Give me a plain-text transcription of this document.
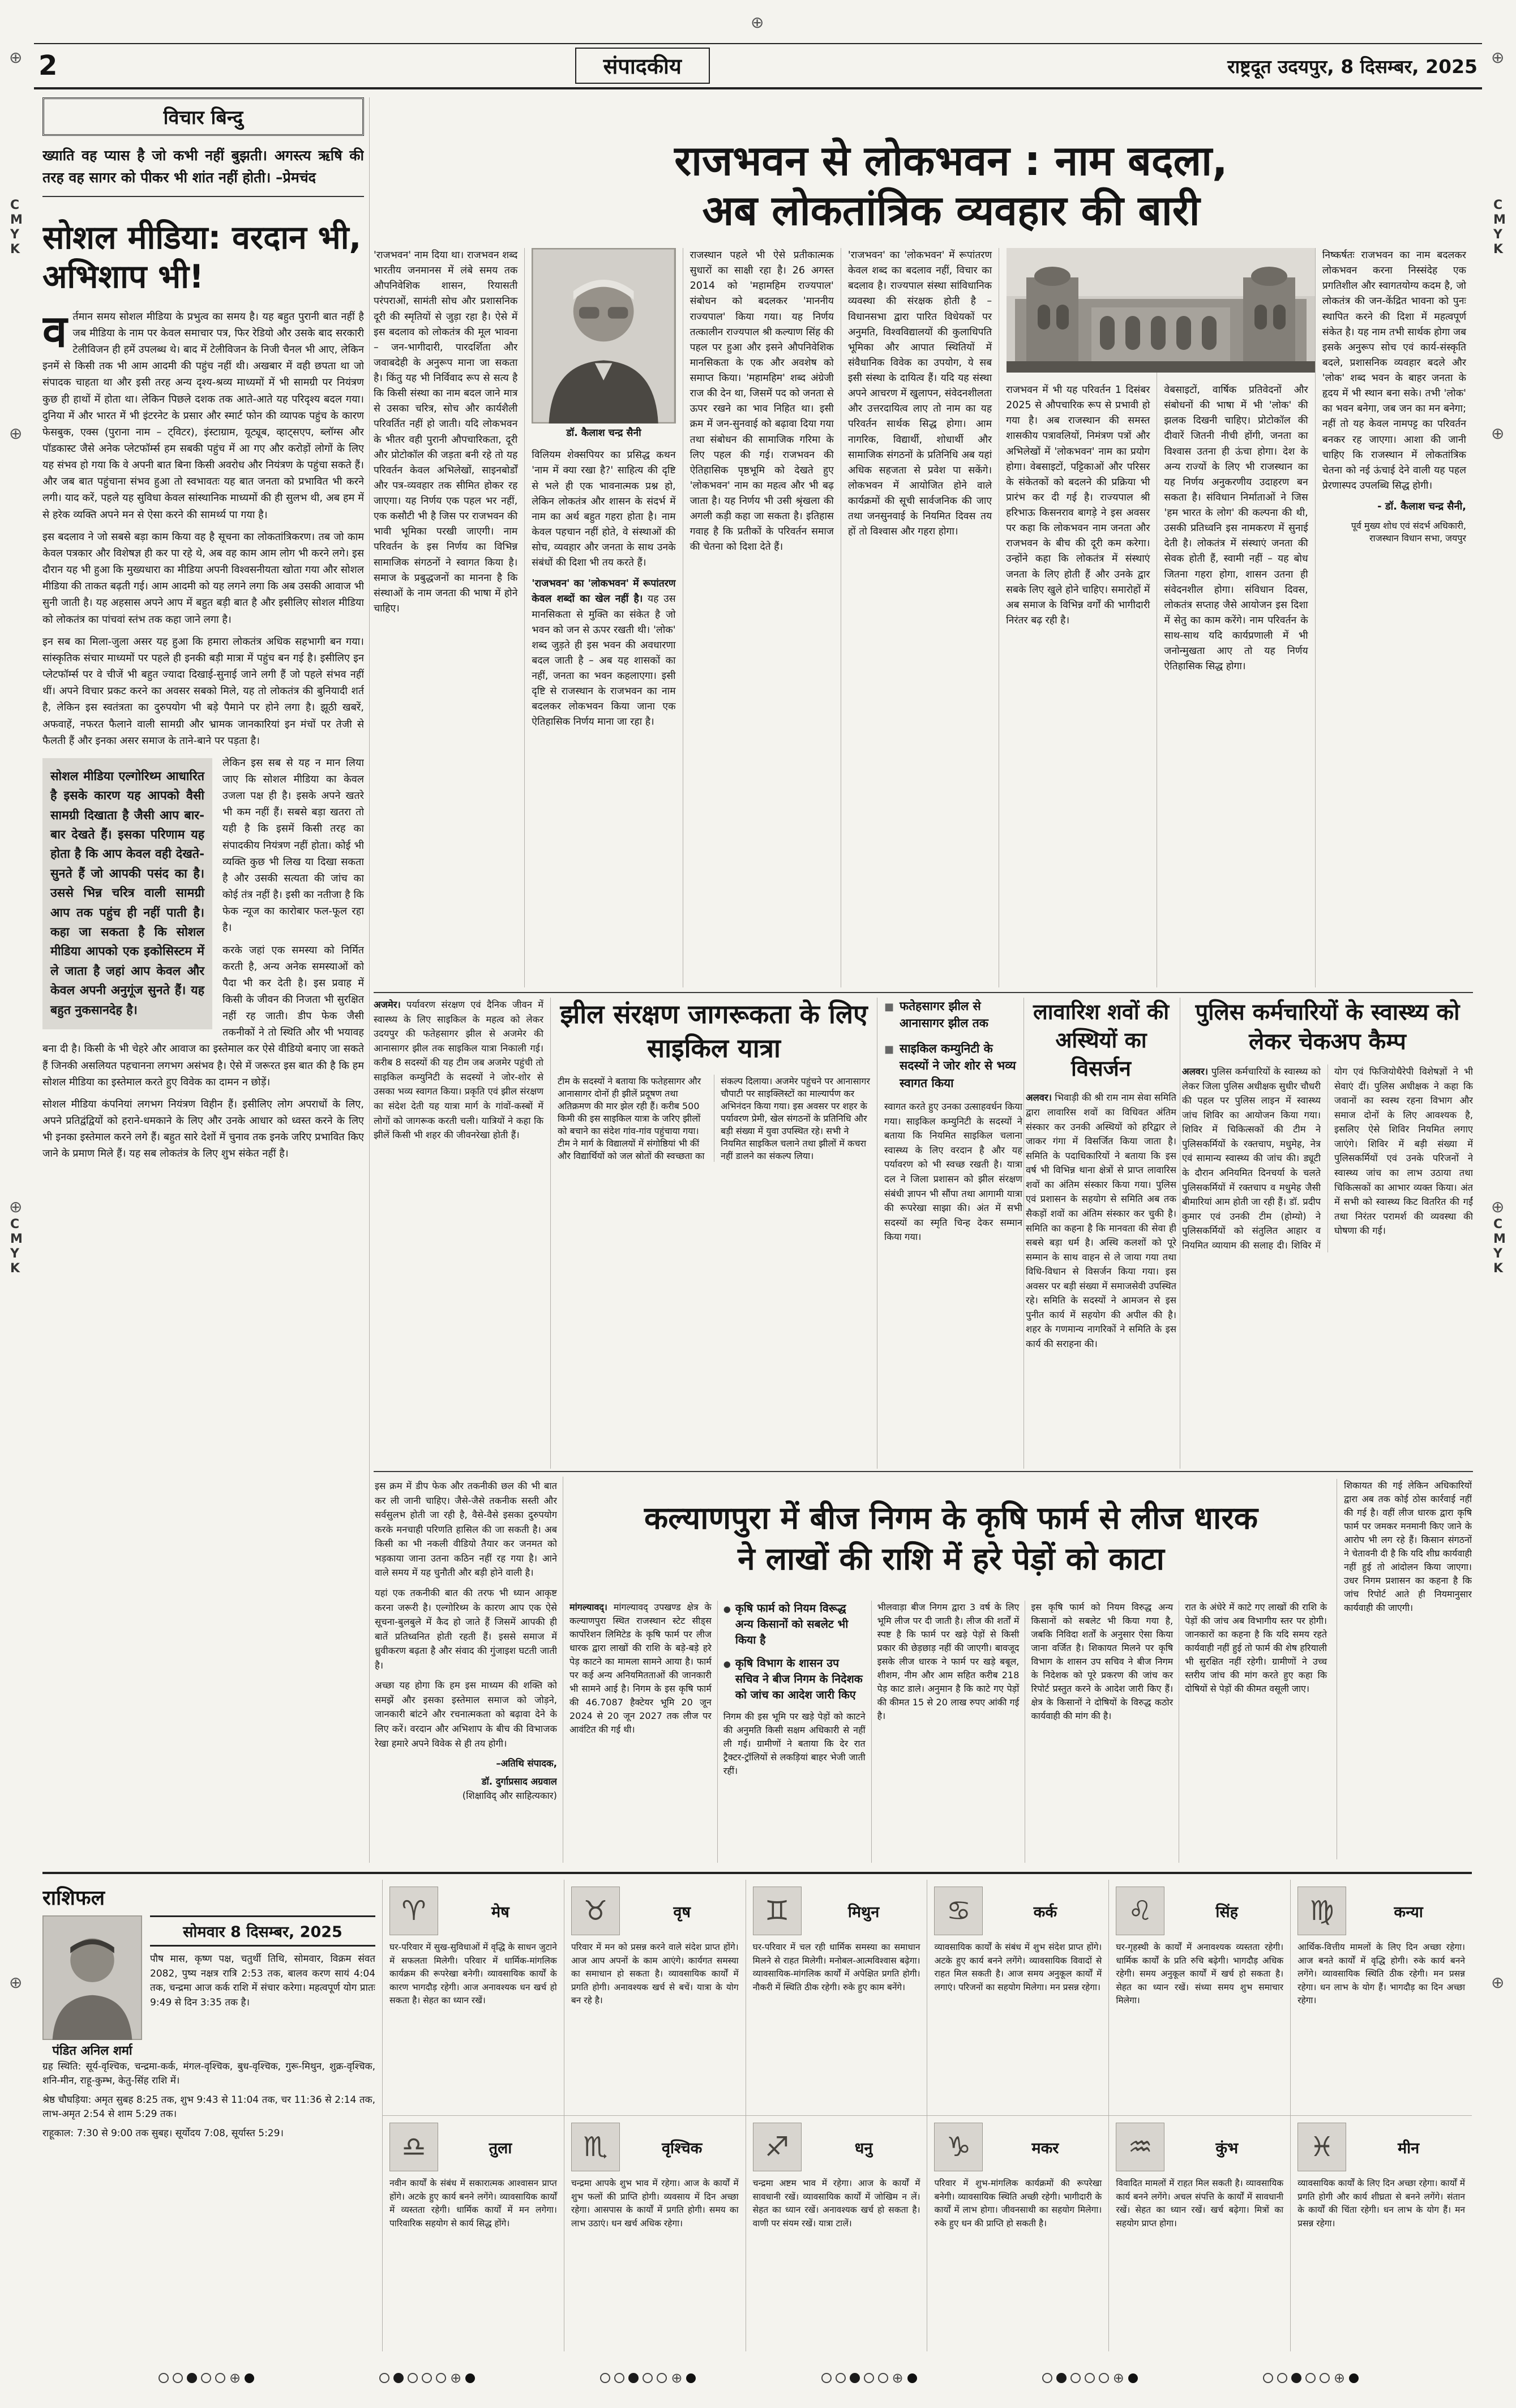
2	संपादकीय	राष्ट्रदूत उदयपुर, 8 दिसम्बर, 2025
विचार बिन्दु

ख्याति वह प्यास है जो कभी नहीं बुझती। अगस्त्य ऋषि की तरह वह सागर को पीकर भी शांत नहीं होती। –प्रेमचंद

सोशल मीडिया: वरदान भी, अभिशाप भी!

वर्तमान समय सोशल मीडिया के प्रभुत्व का समय है। यह बहुत पुरानी बात नहीं है जब मीडिया के नाम पर केवल समाचार पत्र, फिर रेडियो और उसके बाद सरकारी टेलीविजन ही हमें उपलब्ध थे। बाद में टेलीविजन के निजी चैनल भी आए, लेकिन इनमें से किसी तक भी आम आदमी की पहुंच नहीं थी। अखबार में वही छपता था जो संपादक चाहता था और इसी तरह अन्य दृश्य-श्रव्य माध्यमों में भी सामग्री पर नियंत्रण कुछ ही हाथों में होता था। लेकिन पिछले दशक तक आते-आते यह परिदृश्य बदल गया। दुनिया में और भारत में भी इंटरनेट के प्रसार और स्मार्ट फोन की व्यापक पहुंच के कारण फेसबुक, एक्स (पुराना नाम – ट्विटर), इंस्टाग्राम, यूट्यूब, व्हाट्सएप, ब्लॉग्स और पॉडकास्ट जैसे अनेक प्लेटफॉर्म्स हम सबकी पहुंच में आ गए और करोड़ों लोगों के लिए यह संभव हो गया कि वे अपनी बात बिना किसी अवरोध और नियंत्रण के पहुंचा सकते हैं। और जब बात पहुंचाना संभव हुआ तो स्वभावतः यह बात जनता को प्रभावित भी करने लगी। याद करें, पहले यह सुविधा केवल सांस्थानिक माध्यमों की ही सुलभ थी, अब हम में से हरेक व्यक्ति अपने मन से ऐसा करने की सामर्थ्य पा गया है।

इस बदलाव ने जो सबसे बड़ा काम किया वह है सूचना का लोकतांत्रिकरण। तब जो काम केवल पत्रकार और विशेषज्ञ ही कर पा रहे थे, अब वह काम आम लोग भी करने लगे। इस दौरान यह भी हुआ कि मुख्यधारा का मीडिया अपनी विश्वसनीयता खोता गया और सोशल मीडिया की ताकत बढ़ती गई। आम आदमी को यह लगने लगा कि अब उसकी आवाज भी सुनी जाती है। यह अहसास अपने आप में बहुत बड़ी बात है और इसीलिए सोशल मीडिया को लोकतंत्र का पांचवां स्तंभ तक कहा जाने लगा है।

इन सब का मिला-जुला असर यह हुआ कि हमारा लोकतंत्र अधिक सहभागी बन गया। सांस्कृतिक संचार माध्यमों पर पहले ही इनकी बड़ी मात्रा में पहुंच बन गई है। इसीलिए इन प्लेटफॉर्म्स पर वे चीजें भी बहुत ज्यादा दिखाई-सुनाई जाने लगी हैं जो पहले संभव नहीं थीं। अपने विचार प्रकट करने का अवसर सबको मिले, यह तो लोकतंत्र की बुनियादी शर्त है, लेकिन इस स्वतंत्रता का दुरुपयोग भी बड़े पैमाने पर होने लगा है। झूठी खबरें, अफवाहें, नफरत फैलाने वाली सामग्री और भ्रामक जानकारियां इन मंचों पर तेजी से फैलती हैं और इनका असर समाज के ताने-बाने पर पड़ता है।

सोशल मीडिया एल्गोरिथ्म आधारित है इसके कारण यह आपको वैसी सामग्री दिखाता है जैसी आप बार-बार देखते हैं। इसका परिणाम यह होता है कि आप केवल वही देखते-सुनते हैं जो आपकी पसंद का है। उससे भिन्न चरित्र वाली सामग्री आप तक पहुंच ही नहीं पाती है। कहा जा सकता है कि सोशल मीडिया आपको एक इकोसिस्टम में ले जाता है जहां आप केवल और केवल अपनी अनुगूंज सुनते हैं। यह बहुत नुकसानदेह है।

लेकिन इस सब से यह न मान लिया जाए कि सोशल मीडिया का केवल उजला पक्ष ही है। इसके अपने खतरे भी कम नहीं हैं। सबसे बड़ा खतरा तो यही है कि इसमें किसी तरह का संपादकीय नियंत्रण नहीं होता। कोई भी व्यक्ति कुछ भी लिख या दिखा सकता है और उसकी सत्यता की जांच का कोई तंत्र नहीं है। इसी का नतीजा है कि फेक न्यूज का कारोबार फल-फूल रहा है।

करके जहां एक समस्या को निर्मित करती है, अन्य अनेक समस्याओं को पैदा भी कर देती है। इस प्रवाह में किसी के जीवन की निजता भी सुरक्षित नहीं रह जाती। डीप फेक जैसी तकनीकों ने तो स्थिति और भी भयावह बना दी है। किसी के भी चेहरे और आवाज का इस्तेमाल कर ऐसे वीडियो बनाए जा सकते हैं जिनकी असलियत पहचानना लगभग असंभव है। ऐसे में जरूरत इस बात की है कि हम सोशल मीडिया का इस्तेमाल करते हुए विवेक का दामन न छोड़ें।

सोशल मीडिया कंपनियां लगभग नियंत्रण विहीन हैं। इसीलिए लोग अपराधों के लिए, अपने प्रतिद्वंद्वियों को हराने-धमकाने के लिए और उनके आधार को ध्वस्त करने के लिए भी इनका इस्तेमाल करने लगे हैं। बहुत सारे देशों में चुनाव तक इनके जरिए प्रभावित किए जाने के प्रमाण मिले हैं। यह सब लोकतंत्र के लिए शुभ संकेत नहीं है।

इस क्रम में डीप फेक और तकनीकी छल की भी बात कर ली जानी चाहिए। जैसे-जैसे तकनीक सस्ती और सर्वसुलभ होती जा रही है, वैसे-वैसे इसका दुरुपयोग करके मनचाही परिणति हासिल की जा सकती है। अब किसी का भी नकली वीडियो तैयार कर जनमत को भड़काया जाना उतना कठिन नहीं रह गया है। आने वाले समय में यह चुनौती और बड़ी होने वाली है।

यहां एक तकनीकी बात की तरफ भी ध्यान आकृष्ट करना जरूरी है। एल्गोरिथ्म के कारण आप एक ऐसे सूचना-बुलबुले में कैद हो जाते हैं जिसमें आपकी ही बातें प्रतिध्वनित होती रहती हैं। इससे समाज में ध्रुवीकरण बढ़ता है और संवाद की गुंजाइश घटती जाती है।

अच्छा यह होगा कि हम इस माध्यम की शक्ति को समझें और इसका इस्तेमाल समाज को जोड़ने, जानकारी बांटने और रचनात्मकता को बढ़ावा देने के लिए करें। वरदान और अभिशाप के बीच की विभाजक रेखा हमारे अपने विवेक से ही तय होगी।

–अतिथि संपादक,

डॉ. दुर्गाप्रसाद अग्रवाल

(शिक्षाविद् और साहित्यकार)

राजभवन से लोकभवन : नाम बदला,
अब लोकतांत्रिक व्यवहार की बारी

'राजभवन' नाम दिया था। राजभवन शब्द भारतीय जनमानस में लंबे समय तक औपनिवेशिक शासन, रियासती परंपराओं, सामंती सोच और प्रशासनिक दूरी की स्मृतियों से जुड़ा रहा है। ऐसे में इस बदलाव को लोकतंत्र की मूल भावना – जन-भागीदारी, पारदर्शिता और जवाबदेही के अनुरूप माना जा सकता है। किंतु यह भी निर्विवाद रूप से सत्य है कि किसी संस्था का नाम बदल जाने मात्र से उसका चरित्र, सोच और कार्यशैली परिवर्तित नहीं हो जाती। यदि लोकभवन के भीतर वही पुरानी औपचारिकता, दूरी और प्रोटोकॉल की जड़ता बनी रहे तो यह परिवर्तन केवल अभिलेखों, साइनबोर्डों और पत्र-व्यवहार तक सीमित होकर रह जाएगा। यह निर्णय एक पहल भर नहीं, एक कसौटी भी है जिस पर राजभवन की भावी भूमिका परखी जाएगी। नाम परिवर्तन के इस निर्णय का विभिन्न सामाजिक संगठनों ने स्वागत किया है। समाज के प्रबुद्धजनों का मानना है कि संस्थाओं के नाम जनता की भाषा में होने चाहिए।

डॉ. कैलाश चन्द्र सैनी

विलियम शेक्सपियर का प्रसिद्ध कथन 'नाम में क्या रखा है?' साहित्य की दृष्टि से भले ही एक भावनात्मक प्रश्न हो, लेकिन लोकतंत्र और शासन के संदर्भ में नाम का अर्थ बहुत गहरा होता है। नाम केवल पहचान नहीं होते, वे संस्थाओं की सोच, व्यवहार और जनता के साथ उनके संबंधों की दिशा भी तय करते हैं।

'राजभवन' का 'लोकभवन' में रूपांतरण केवल शब्दों का खेल नहीं है। यह उस मानसिकता से मुक्ति का संकेत है जो भवन को जन से ऊपर रखती थी। 'लोक' शब्द जुड़ते ही इस भवन की अवधारणा बदल जाती है – अब यह शासकों का नहीं, जनता का भवन कहलाएगा। इसी दृष्टि से राजस्थान के राजभवन का नाम बदलकर लोकभवन किया जाना एक ऐतिहासिक निर्णय माना जा रहा है।

राजस्थान पहले भी ऐसे प्रतीकात्मक सुधारों का साक्षी रहा है। 26 अगस्त 2014 को 'महामहिम राज्यपाल' संबोधन को बदलकर 'माननीय राज्यपाल' किया गया। यह निर्णय तत्कालीन राज्यपाल श्री कल्याण सिंह की पहल पर हुआ और इसने औपनिवेशिक मानसिकता के एक और अवशेष को समाप्त किया। 'महामहिम' शब्द अंग्रेजी राज की देन था, जिसमें पद को जनता से ऊपर रखने का भाव निहित था। इसी क्रम में जन-सुनवाई को बढ़ावा दिया गया तथा संबोधन की सामाजिक गरिमा के लिए पहल की गई। राजभवन की ऐतिहासिक पृष्ठभूमि को देखते हुए 'लोकभवन' नाम का महत्व और भी बढ़ जाता है। यह निर्णय भी उसी श्रृंखला की अगली कड़ी कहा जा सकता है। इतिहास गवाह है कि प्रतीकों के परिवर्तन समाज की चेतना को दिशा देते हैं।

'राजभवन' का 'लोकभवन' में रूपांतरण केवल शब्द का बदलाव नहीं, विचार का बदलाव है। राज्यपाल संस्था सांविधानिक व्यवस्था की संरक्षक होती है – विधानसभा द्वारा पारित विधेयकों पर अनुमति, विश्वविद्यालयों की कुलाधिपति भूमिका और आपात स्थितियों में संवैधानिक विवेक का उपयोग, ये सब इसी संस्था के दायित्व हैं। यदि यह संस्था अपने आचरण में खुलापन, संवेदनशीलता और उत्तरदायित्व लाए तो नाम का यह परिवर्तन सार्थक सिद्ध होगा। आम नागरिक, विद्यार्थी, शोधार्थी और सामाजिक संगठनों के प्रतिनिधि अब यहां अधिक सहजता से प्रवेश पा सकेंगे। लोकभवन में आयोजित होने वाले कार्यक्रमों की सूची सार्वजनिक की जाए तथा जनसुनवाई के नियमित दिवस तय हों तो विश्वास और गहरा होगा।

राजभवन में भी यह परिवर्तन 1 दिसंबर 2025 से औपचारिक रूप से प्रभावी हो गया है। अब राजस्थान की समस्त शासकीय पत्रावलियों, निमंत्रण पत्रों और अभिलेखों में 'लोकभवन' नाम का प्रयोग होगा। वेबसाइटों, पट्टिकाओं और परिसर के संकेतकों को बदलने की प्रक्रिया भी प्रारंभ कर दी गई है। राज्यपाल श्री हरिभाऊ किसनराव बागड़े ने इस अवसर पर कहा कि लोकभवन नाम जनता और राजभवन के बीच की दूरी कम करेगा। उन्होंने कहा कि लोकतंत्र में संस्थाएं जनता के लिए होती हैं और उनके द्वार सबके लिए खुले होने चाहिए। समारोहों में अब समाज के विभिन्न वर्गों की भागीदारी निरंतर बढ़ रही है।

वेबसाइटों, वार्षिक प्रतिवेदनों और संबोधनों की भाषा में भी 'लोक' की झलक दिखनी चाहिए। प्रोटोकॉल की दीवारें जितनी नीची होंगी, जनता का विश्वास उतना ही ऊंचा होगा। देश के अन्य राज्यों के लिए भी राजस्थान का यह निर्णय अनुकरणीय उदाहरण बन सकता है। संविधान निर्माताओं ने जिस 'हम भारत के लोग' की कल्पना की थी, उसकी प्रतिध्वनि इस नामकरण में सुनाई देती है। लोकतंत्र में संस्थाएं जनता की सेवक होती हैं, स्वामी नहीं – यह बोध जितना गहरा होगा, शासन उतना ही संवेदनशील होगा। संविधान दिवस, लोकतंत्र सप्ताह जैसे आयोजन इस दिशा में सेतु का काम करेंगे। नाम परिवर्तन के साथ-साथ यदि कार्यप्रणाली में भी जनोन्मुखता आए तो यह निर्णय ऐतिहासिक सिद्ध होगा।

निष्कर्षतः राजभवन का नाम बदलकर लोकभवन करना निस्संदेह एक प्रगतिशील और स्वागतयोग्य कदम है, जो लोकतंत्र की जन-केंद्रित भावना को पुनः स्थापित करने की दिशा में महत्वपूर्ण संकेत है। यह नाम तभी सार्थक होगा जब इसके अनुरूप सोच एवं कार्य-संस्कृति बदले, प्रशासनिक व्यवहार बदले और 'लोक' शब्द भवन के बाहर जनता के हृदय में भी स्थान बना सके। तभी 'लोक' का भवन बनेगा, जब जन का मन बनेगा; नहीं तो यह केवल नामपट्ट का परिवर्तन बनकर रह जाएगा। आशा की जानी चाहिए कि राजस्थान में लोकतांत्रिक चेतना को नई ऊंचाई देने वाली यह पहल प्रेरणास्पद उपलब्धि सिद्ध होगी।

- डॉ. कैलाश चन्द्र सैनी,

पूर्व मुख्य शोध एवं संदर्भ अधिकारी, राजस्थान विधान सभा, जयपुर

अजमेर। पर्यावरण संरक्षण एवं दैनिक जीवन में स्वास्थ्य के लिए साइकिल के महत्व को लेकर उदयपुर की फतेहसागर झील से अजमेर की आनासागर झील तक साइकिल यात्रा निकाली गई। करीब 8 सदस्यों की यह टीम जब अजमेर पहुंची तो साइकिल कम्युनिटी के सदस्यों ने जोर-शोर से उसका भव्य स्वागत किया। प्रकृति एवं झील संरक्षण का संदेश देती यह यात्रा मार्ग के गांवों-कस्बों में लोगों को जागरूक करती चली। यात्रियों ने कहा कि झीलें किसी भी शहर की जीवनरेखा होती हैं।

झील संरक्षण जागरूकता के लिए साइकिल यात्रा
टीम के सदस्यों ने बताया कि फतेहसागर और आनासागर दोनों ही झीलें प्रदूषण तथा अतिक्रमण की मार झेल रही हैं। करीब 500 किमी की इस साइकिल यात्रा के जरिए झीलों को बचाने का संदेश गांव-गांव पहुंचाया गया। टीम ने मार्ग के विद्यालयों में संगोष्ठियां भी कीं और विद्यार्थियों को जल स्रोतों की स्वच्छता का संकल्प दिलाया। अजमेर पहुंचने पर आनासागर चौपाटी पर साइक्लिस्टों का माल्यार्पण कर अभिनंदन किया गया। इस अवसर पर शहर के पर्यावरण प्रेमी, खेल संगठनों के प्रतिनिधि और बड़ी संख्या में युवा उपस्थित रहे। सभी ने नियमित साइकिल चलाने तथा झीलों में कचरा नहीं डालने का संकल्प लिया।
■ फतेहसागर झील से आनासागर झील तक
■ साइकिल कम्युनिटी के सदस्यों ने जोर शोर से भव्य स्वागत किया

स्वागत करते हुए उनका उत्साहवर्धन किया गया। साइकिल कम्युनिटी के सदस्यों ने बताया कि नियमित साइकिल चलाना स्वास्थ्य के लिए वरदान है और यह पर्यावरण को भी स्वच्छ रखती है। यात्रा दल ने जिला प्रशासन को झील संरक्षण संबंधी ज्ञापन भी सौंपा तथा आगामी यात्रा की रूपरेखा साझा की। अंत में सभी सदस्यों का स्मृति चिन्ह देकर सम्मान किया गया।

लावारिश शवों की अस्थियों का विसर्जन

अलवर। भिवाड़ी की श्री राम नाम सेवा समिति द्वारा लावारिस शवों का विधिवत अंतिम संस्कार कर उनकी अस्थियों को हरिद्वार ले जाकर गंगा में विसर्जित किया जाता है। समिति के पदाधिकारियों ने बताया कि इस वर्ष भी विभिन्न थाना क्षेत्रों से प्राप्त लावारिस शवों का अंतिम संस्कार किया गया। पुलिस एवं प्रशासन के सहयोग से समिति अब तक सैकड़ों शवों का अंतिम संस्कार कर चुकी है। समिति का कहना है कि मानवता की सेवा ही सबसे बड़ा धर्म है। अस्थि कलशों को पूरे सम्मान के साथ वाहन से ले जाया गया तथा विधि-विधान से विसर्जन किया गया। इस अवसर पर बड़ी संख्या में समाजसेवी उपस्थित रहे। समिति के सदस्यों ने आमजन से इस पुनीत कार्य में सहयोग की अपील की है। शहर के गणमान्य नागरिकों ने समिति के इस कार्य की सराहना की।

पुलिस कर्मचारियों के स्वास्थ्य को लेकर चेकअप कैम्प

अलवर। पुलिस कर्मचारियों के स्वास्थ्य को लेकर जिला पुलिस अधीक्षक सुधीर चौधरी की पहल पर पुलिस लाइन में स्वास्थ्य जांच शिविर का आयोजन किया गया। शिविर में चिकित्सकों की टीम ने पुलिसकर्मियों के रक्तचाप, मधुमेह, नेत्र एवं सामान्य स्वास्थ्य की जांच की। ड्यूटी के दौरान अनियमित दिनचर्या के चलते पुलिसकर्मियों में रक्तचाप व मधुमेह जैसी बीमारियां आम होती जा रही हैं। डॉ. प्रदीप कुमार एवं उनकी टीम (होम्यो) ने पुलिसकर्मियों को संतुलित आहार व नियमित व्यायाम की सलाह दी। शिविर में योग एवं फिजियोथैरेपी विशेषज्ञों ने भी सेवाएं दीं। पुलिस अधीक्षक ने कहा कि जवानों का स्वस्थ रहना विभाग और समाज दोनों के लिए आवश्यक है, इसलिए ऐसे शिविर नियमित लगाए जाएंगे। शिविर में बड़ी संख्या में पुलिसकर्मियों एवं उनके परिजनों ने स्वास्थ्य जांच का लाभ उठाया तथा चिकित्सकों का आभार व्यक्त किया। अंत में सभी को स्वास्थ्य किट वितरित की गईं तथा निरंतर परामर्श की व्यवस्था की घोषणा की गई।

कल्याणपुरा में बीज निगम के कृषि फार्म से लीज धारक
ने लाखों की राशि में हरे पेड़ों को काटा

शिकायत की गई लेकिन अधिकारियों द्वारा अब तक कोई ठोस कार्रवाई नहीं की गई है। वहीं लीज धारक द्वारा कृषि फार्म पर जमकर मनमानी किए जाने के आरोप भी लग रहे हैं। किसान संगठनों ने चेतावनी दी है कि यदि शीघ्र कार्यवाही नहीं हुई तो आंदोलन किया जाएगा। उधर निगम प्रशासन का कहना है कि जांच रिपोर्ट आते ही नियमानुसार कार्यवाही की जाएगी।

मांगल्यावद्। मांगल्यावद् उपखण्ड क्षेत्र के कल्याणपुरा स्थित राजस्थान स्टेट सीड्स कार्पोरेशन लिमिटेड के कृषि फार्म पर लीज धारक द्वारा लाखों की राशि के बड़े-बड़े हरे पेड़ काटने का मामला सामने आया है। फार्म पर कई अन्य अनियमितताओं की जानकारी भी सामने आई है। निगम के इस कृषि फार्म की 46.7087 हैक्टेयर भूमि 20 जून 2024 से 20 जून 2027 तक लीज पर आवंटित की गई थी।

● कृषि फार्म को नियम विरूद्ध अन्य किसानों को सबलेट भी किया है
● कृषि विभाग के शासन उप सचिव ने बीज निगम के निदेशक को जांच का आदेश जारी किए

निगम की इस भूमि पर खड़े पेड़ों को काटने की अनुमति किसी सक्षम अधिकारी से नहीं ली गई। ग्रामीणों ने बताया कि देर रात ट्रैक्टर-ट्रॉलियों से लकड़ियां बाहर भेजी जाती रहीं।

भीलवाड़ा बीज निगम द्वारा 3 वर्ष के लिए भूमि लीज पर दी जाती है। लीज की शर्तों में स्पष्ट है कि फार्म पर खड़े पेड़ों से किसी प्रकार की छेड़छाड़ नहीं की जाएगी। बावजूद इसके लीज धारक ने फार्म पर खड़े बबूल, शीशम, नीम और आम सहित करीब 218 पेड़ काट डाले। अनुमान है कि काटे गए पेड़ों की कीमत 15 से 20 लाख रुपए आंकी गई है।

इस कृषि फार्म को नियम विरुद्ध अन्य किसानों को सबलेट भी किया गया है, जबकि निविदा शर्तों के अनुसार ऐसा किया जाना वर्जित है। शिकायत मिलने पर कृषि विभाग के शासन उप सचिव ने बीज निगम के निदेशक को पूरे प्रकरण की जांच कर रिपोर्ट प्रस्तुत करने के आदेश जारी किए हैं। क्षेत्र के किसानों ने दोषियों के विरुद्ध कठोर कार्यवाही की मांग की है।

रात के अंधेरे में काटे गए लाखों की राशि के पेड़ों की जांच अब विभागीय स्तर पर होगी। जानकारों का कहना है कि यदि समय रहते कार्यवाही नहीं हुई तो फार्म की शेष हरियाली भी सुरक्षित नहीं रहेगी। ग्रामीणों ने उच्च स्तरीय जांच की मांग करते हुए कहा कि दोषियों से पेड़ों की कीमत वसूली जाए।

राशिफल
पंडित अनिल शर्मा
सोमवार 8 दिसम्बर, 2025

पौष मास, कृष्ण पक्ष, चतुर्थी तिथि, सोमवार, विक्रम संवत 2082, पुष्य नक्षत्र रात्रि 2:53 तक, बालव करण सायं 4:04 तक, चन्द्रमा आज कर्क राशि में संचार करेगा। महत्वपूर्ण योग प्रातः 9:49 से दिन 3:35 तक है।

ग्रह स्थिति: सूर्य-वृश्चिक, चन्द्रमा-कर्क, मंगल-वृश्चिक, बुध-वृश्चिक, गुरू-मिथुन, शुक्र-वृश्चिक, शनि-मीन, राहू-कुम्भ, केतु-सिंह राशि में।

श्रेष्ठ चौघड़िया: अमृत सुबह 8:25 तक, शुभ 9:43 से 11:04 तक, चर 11:36 से 2:14 तक, लाभ-अमृत 2:54 से शाम 5:29 तक।

राहूकाल: 7:30 से 9:00 तक सुबह। सूर्योदय 7:08, सूर्यास्त 5:29।

♈	मेष

घर-परिवार में सुख-सुविधाओं में वृद्धि के साधन जुटाने में सफलता मिलेगी। परिवार में धार्मिक-मांगलिक कार्यक्रम की रूपरेखा बनेगी। व्यावसायिक कार्यों के कारण भागदौड़ रहेगी। आज अनावश्यक धन खर्च हो सकता है। सेहत का ध्यान रखें।

♉	वृष

परिवार में मन को प्रसन्न करने वाले संदेश प्राप्त होंगे। आज आप अपनों के काम आएंगे। कार्यगत समस्या का समाधान हो सकता है। व्यावसायिक कार्यों में प्रगति होगी। अनावश्यक खर्च से बचें। यात्रा के योग बन रहे है।

♊	मिथुन

घर-परिवार में चल रही धार्मिक समस्या का समाधान मिलने से राहत मिलेगी। मनोबल-आत्मविश्वास बढ़ेगा। व्यावसायिक-मांगलिक कार्यों में अपेक्षित प्रगति होगी। नौकरी में स्थिति ठीक रहेगी। रुके हुए काम बनेंगे।

♋	कर्क

व्यावसायिक कार्यों के संबंध में शुभ संदेश प्राप्त होंगे। अटके हुए कार्य बनने लगेंगे। व्यावसायिक विवादों से राहत मिल सकती है। आज समय अनुकूल कार्यों में लगाएं। परिजनों का सहयोग मिलेगा। मन प्रसन्न रहेगा।

♌	सिंह

घर-गृहस्थी के कार्यों में अनावश्यक व्यस्तता रहेगी। धार्मिक कार्यों के प्रति रुचि बढ़ेगी। भागदौड़ अधिक रहेगी। समय अनुकूल कार्यों में खर्च हो सकता है। सेहत का ध्यान रखें। संध्या समय शुभ समाचार मिलेगा।

♍	कन्या

आर्थिक-वित्तीय मामलों के लिए दिन अच्छा रहेगा। आज बनते कार्यों में वृद्धि होगी। रुके कार्य बनने लगेंगे। व्यावसायिक स्थिति ठीक रहेगी। मन प्रसन्न रहेगा। धन लाभ के योग हैं। भागदौड़ का दिन अच्छा रहेगा।

♎	तुला

नवीन कार्यों के संबंध में सकारात्मक आश्वासन प्राप्त होंगे। अटके हुए कार्य बनने लगेंगे। व्यावसायिक कार्यों में व्यस्तता रहेगी। धार्मिक कार्यों में मन लगेगा। पारिवारिक सहयोग से कार्य सिद्ध होंगे।

♏	वृश्चिक

चन्द्रमा आपके शुभ भाव में रहेगा। आज के कार्यों में शुभ फलों की प्राप्ति होगी। व्यवसाय में दिन अच्छा रहेगा। आसपास के कार्यों में प्रगति होगी। समय का लाभ उठाएं। धन खर्च अधिक रहेगा।

♐	धनु

चन्द्रमा अष्टम भाव में रहेगा। आज के कार्यों में सावधानी रखें। व्यावसायिक कार्यों में जोखिम न लें। सेहत का ध्यान रखें। अनावश्यक खर्च हो सकता है। वाणी पर संयम रखें। यात्रा टालें।

♑	मकर

परिवार में शुभ-मांगलिक कार्यक्रमों की रूपरेखा बनेगी। व्यावसायिक स्थिति अच्छी रहेगी। भागीदारी के कार्यों में लाभ होगा। जीवनसाथी का सहयोग मिलेगा। रुके हुए धन की प्राप्ति हो सकती है।

♒	कुंभ

विवादित मामलों में राहत मिल सकती है। व्यावसायिक कार्य बनने लगेंगे। अचल संपत्ति के कार्यों में सावधानी रखें। सेहत का ध्यान रखें। खर्च बढ़ेगा। मित्रों का सहयोग प्राप्त होगा।

♓	मीन

व्यावसायिक कार्यों के लिए दिन अच्छा रहेगा। कार्यों में प्रगति होगी और कार्य शीघ्रता से बनने लगेंगे। संतान के कार्यों की चिंता रहेगी। धन लाभ के योग हैं। मन प्रसन्न रहेगा।

⊕
⊕
⊕
⊕
⊕
⊕
⊕
⊕
⊕
C
M
Y
K
C
M
Y
K
C
M
Y
K
C
M
Y
K
⊕	⊕	⊕	⊕	⊕	⊕
